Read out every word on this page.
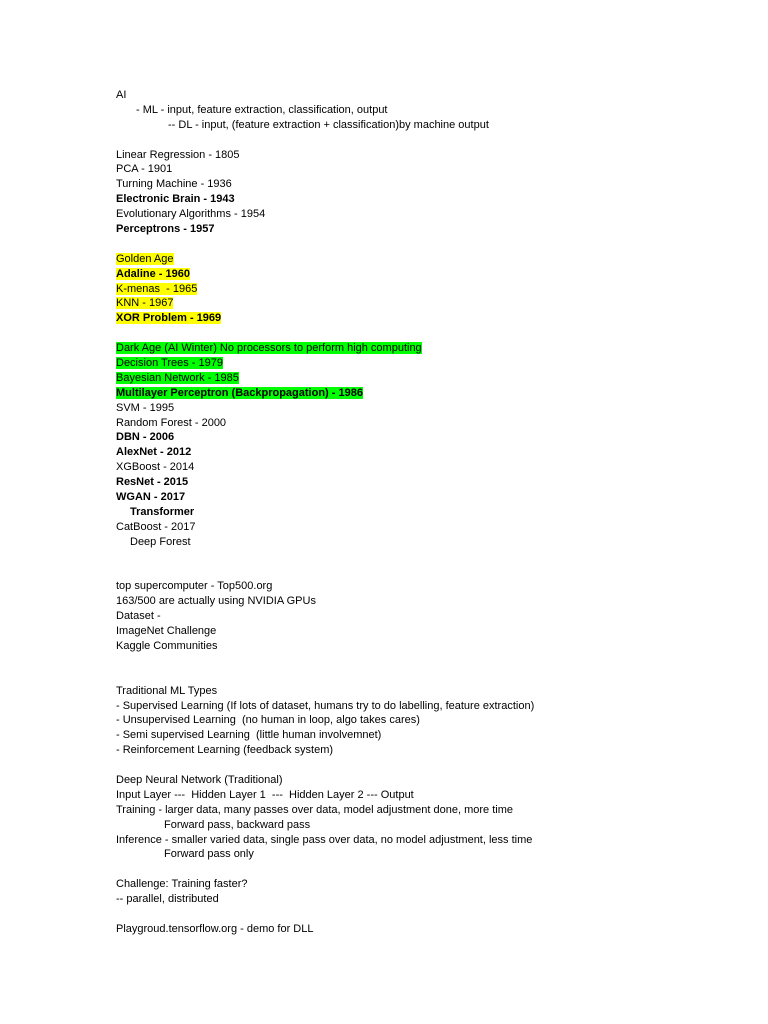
AI
- ML - input, feature extraction, classification, output
-- DL - input, (feature extraction + classification)by machine output
Linear Regression - 1805
PCA - 1901
Turning Machine - 1936
Electronic Brain - 1943
Evolutionary Algorithms - 1954
Perceptrons - 1957
Golden Age
Adaline - 1960
K-menas  - 1965
KNN - 1967
XOR Problem - 1969
Dark Age (AI Winter) No processors to perform high computing
Decision Trees - 1979
Bayesian Network - 1985
Multilayer Perceptron (Backpropagation) - 1986
SVM - 1995
Random Forest - 2000
DBN - 2006
AlexNet - 2012
XGBoost - 2014
ResNet - 2015
WGAN - 2017
Transformer
CatBoost - 2017
Deep Forest
top supercomputer - Top500.org
163/500 are actually using NVIDIA GPUs
Dataset -
ImageNet Challenge
Kaggle Communities
Traditional ML Types
- Supervised Learning (If lots of dataset, humans try to do labelling, feature extraction)
- Unsupervised Learning  (no human in loop, algo takes cares)
- Semi supervised Learning  (little human involvemnet)
- Reinforcement Learning (feedback system)
Deep Neural Network (Traditional)
Input Layer ---  Hidden Layer 1  ---  Hidden Layer 2 --- Output
Training - larger data, many passes over data, model adjustment done, more time
Forward pass, backward pass
Inference - smaller varied data, single pass over data, no model adjustment, less time
Forward pass only
Challenge: Training faster?
-- parallel, distributed
Playgroud.tensorflow.org - demo for DLL
